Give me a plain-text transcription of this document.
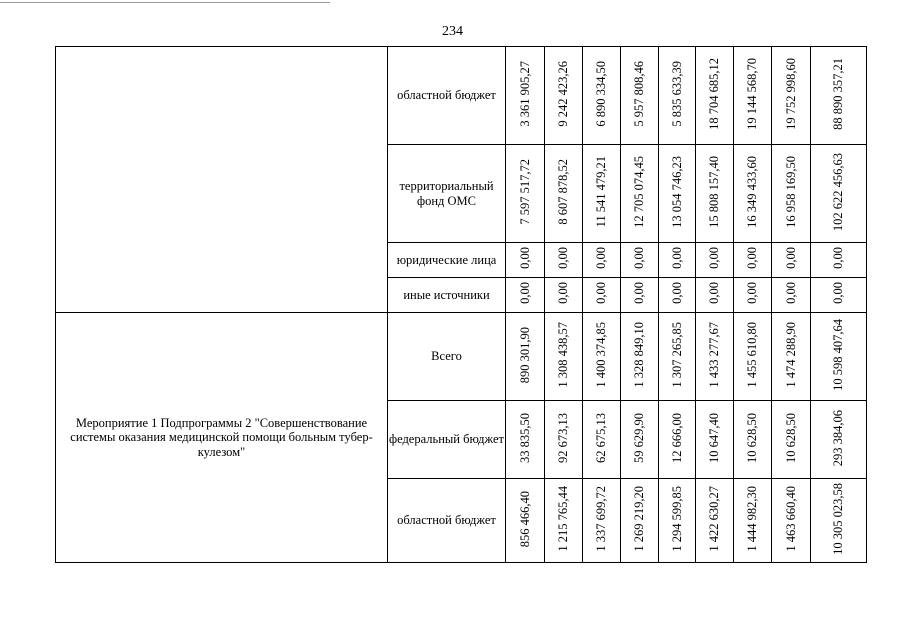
234
	областной бюджет	3 361 905,27	9 242 423,26	6 890 334,50	5 957 808,46	5 835 633,39	18 704 685,12	19 144 568,70	19 752 998,60	88 890 357,21
	территориальный фонд ОМС	7 597 517,72	8 607 878,52	11 541 479,21	12 705 074,45	13 054 746,23	15 808 157,40	16 349 433,60	16 958 169,50	102 622 456,63
	юридические лица	0,00	0,00	0,00	0,00	0,00	0,00	0,00	0,00	0,00
	иные источники	0,00	0,00	0,00	0,00	0,00	0,00	0,00	0,00	0,00
Мероприятие 1 Подпрограммы 2 "Совершенствование системы оказания медицинской помощи больным тубер-кулезом"	Всего	890 301,90	1 308 438,57	1 400 374,85	1 328 849,10	1 307 265,85	1 433 277,67	1 455 610,80	1 474 288,90	10 598 407,64
	федеральный бюджет	33 835,50	92 673,13	62 675,13	59 629,90	12 666,00	10 647,40	10 628,50	10 628,50	293 384,06
	областной бюджет	856 466,40	1 215 765,44	1 337 699,72	1 269 219,20	1 294 599,85	1 422 630,27	1 444 982,30	1 463 660,40	10 305 023,58
